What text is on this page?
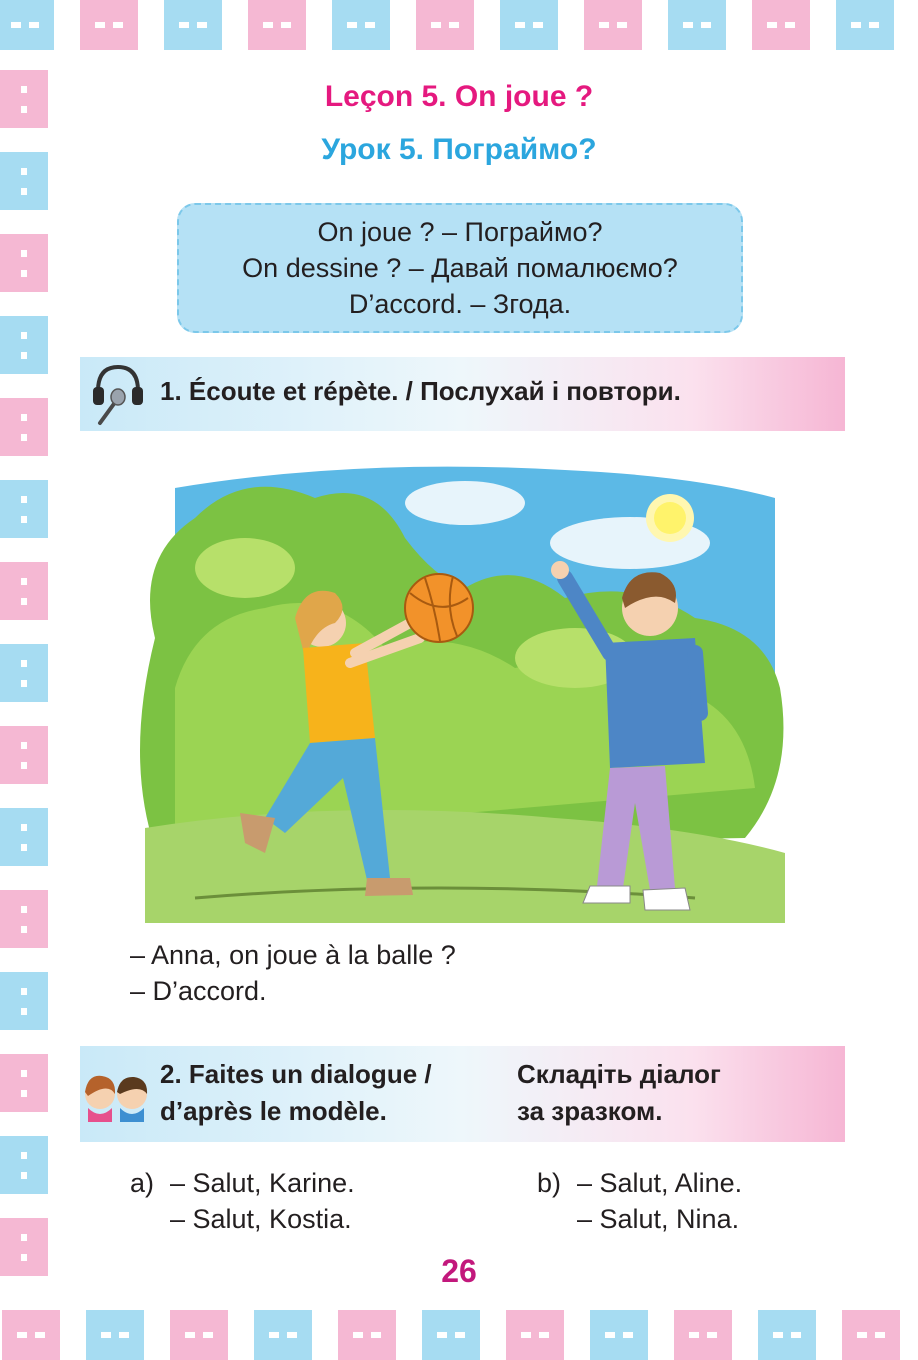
Leçon 5. On joue ?
Урок 5. Пограймо?
On joue ? – Пограймо?
On dessine ? – Давай помалюємо?
D’accord. – Згода.
1. Écoute et répète. / Послухай і повтори.
– Anna, on joue à la balle ?
– D’accord.
2. Faites un dialogue /	Складіть діалог
d’après le modèle.	за зразком.
a) – Salut, Karine.
– Salut, Kostia.
b) – Salut, Aline.
– Salut, Nina.
26
